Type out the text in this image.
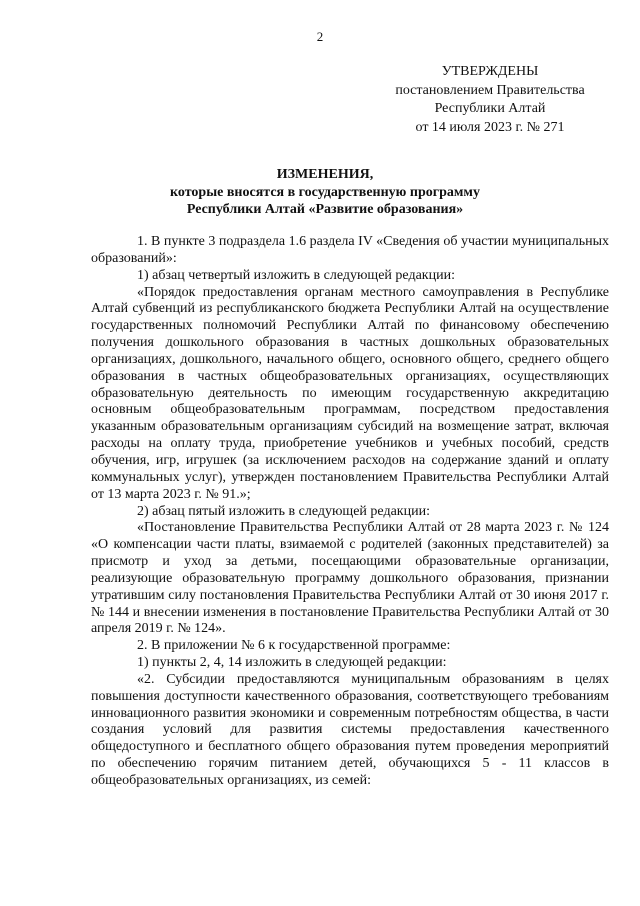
2
УТВЕРЖДЕНЫ
постановлением Правительства
Республики Алтай
от 14 июля 2023 г. № 271
ИЗМЕНЕНИЯ,
которые вносятся в государственную программу
Республики Алтай «Развитие образования»

1. В пункте 3 подраздела 1.6 раздела IV «Сведения об участии муниципальных образований»:

1) абзац четвертый изложить в следующей редакции:

«Порядок предоставления органам местного самоуправления в Республике Алтай субвенций из республиканского бюджета Республики Алтай на осуществление государственных полномочий Республики Алтай по финансовому обеспечению получения дошкольного образования в частных дошкольных образовательных организациях, дошкольного, начального общего, основного общего, среднего общего образования в частных общеобразовательных организациях, осуществляющих образовательную деятельность по имеющим государственную аккредитацию основным общеобразовательным программам, посредством предоставления указанным образовательным организациям субсидий на возмещение затрат, включая расходы на оплату труда, приобретение учебников и учебных пособий, средств обучения, игр, игрушек (за исключением расходов на содержание зданий и оплату коммунальных услуг), утвержден постановлением Правительства Республики Алтай от 13 марта 2023 г. № 91.»;

2) абзац пятый изложить в следующей редакции:

«Постановление Правительства Республики Алтай от 28 марта 2023 г. № 124 «О компенсации части платы, взимаемой с родителей (законных представителей) за присмотр и уход за детьми, посещающими образовательные организации, реализующие образовательную программу дошкольного образования, признании утратившим силу постановления Правительства Республики Алтай от 30 июня 2017 г. № 144 и внесении изменения в постановление Правительства Республики Алтай от 30 апреля 2019 г. № 124».

2. В приложении № 6 к государственной программе:

1) пункты 2, 4, 14 изложить в следующей редакции:

«2. Субсидии предоставляются муниципальным образованиям в целях повышения доступности качественного образования, соответствующего требованиям инновационного развития экономики и современным потребностям общества, в части создания условий для развития системы предоставления качественного общедоступного и бесплатного общего образования путем проведения мероприятий по обеспечению горячим питанием детей, обучающихся 5 - 11 классов в общеобразовательных организациях, из семей:
